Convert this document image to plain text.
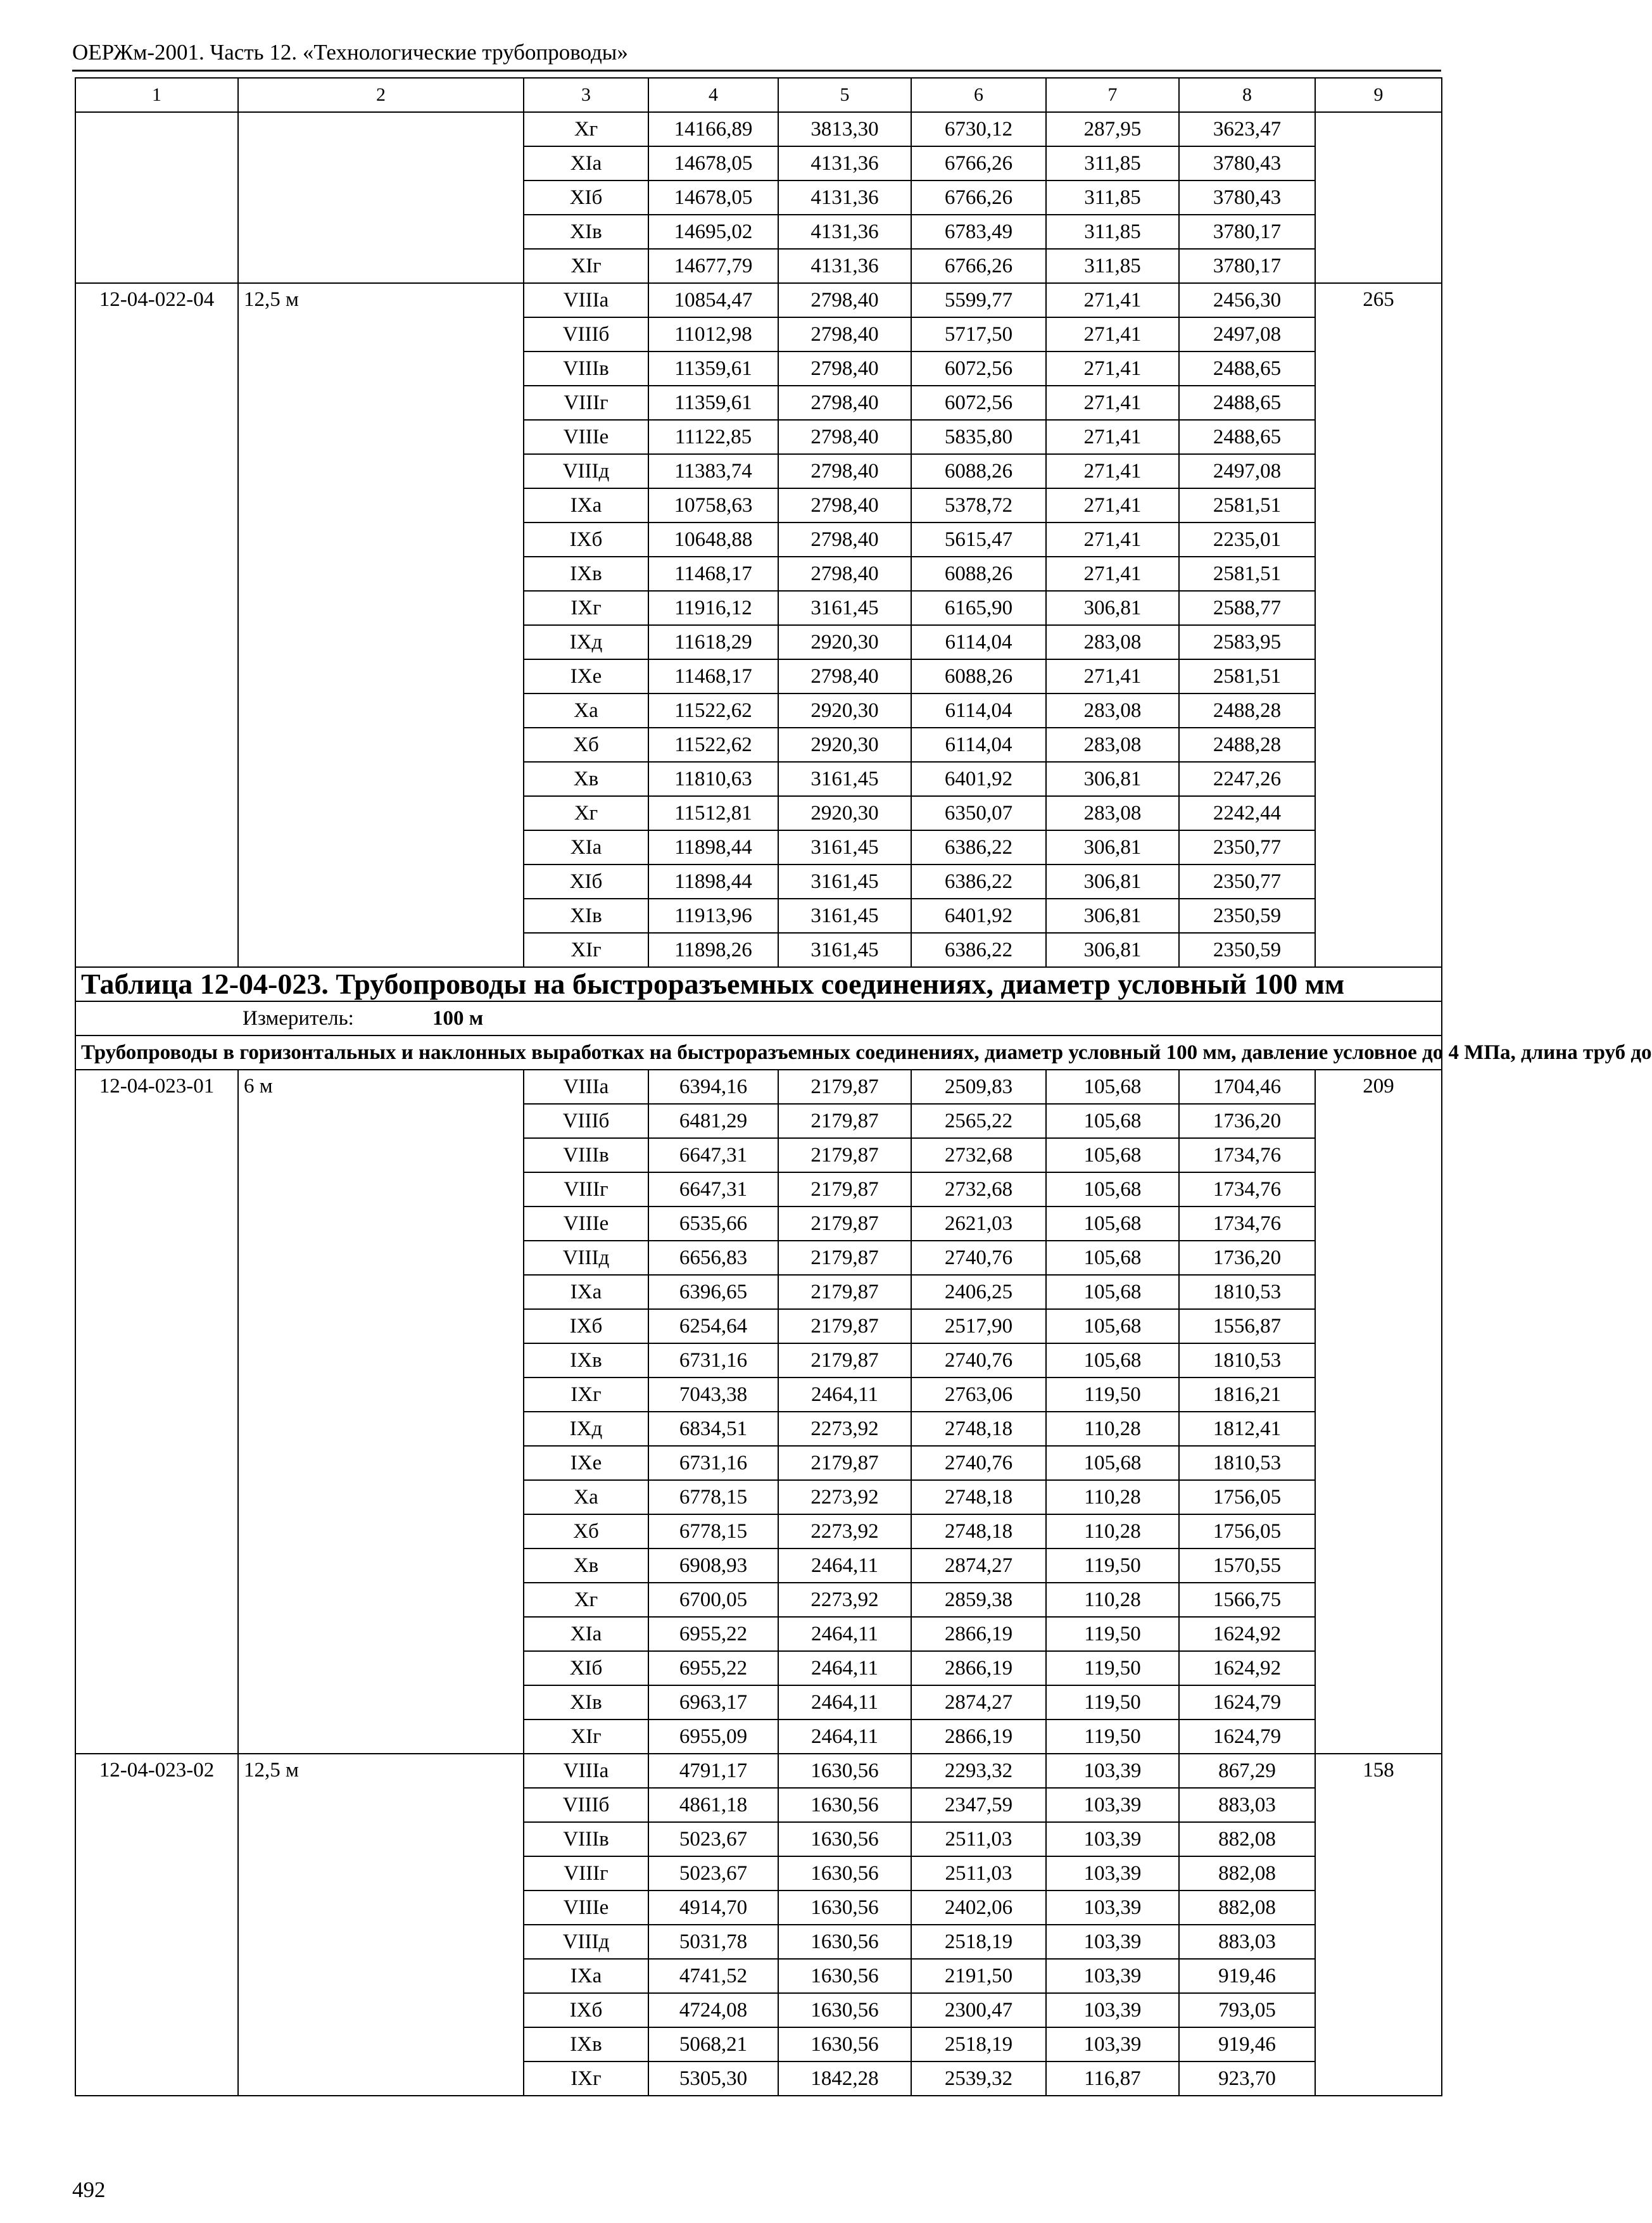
ОЕРЖм-2001. Часть 12. «Технологические трубопроводы»
1	2	3	4	5	6	7	8	9
		Xг	14166,89	3813,30	6730,12	287,95	3623,47	
		XIа	14678,05	4131,36	6766,26	311,85	3780,43	
		XIб	14678,05	4131,36	6766,26	311,85	3780,43	
		XIв	14695,02	4131,36	6783,49	311,85	3780,17	
		XIг	14677,79	4131,36	6766,26	311,85	3780,17	
12-04-022-04	12,5 м	VIIIа	10854,47	2798,40	5599,77	271,41	2456,30	265
		VIIIб	11012,98	2798,40	5717,50	271,41	2497,08	
		VIIIв	11359,61	2798,40	6072,56	271,41	2488,65	
		VIIIг	11359,61	2798,40	6072,56	271,41	2488,65	
		VIIIе	11122,85	2798,40	5835,80	271,41	2488,65	
		VIIIд	11383,74	2798,40	6088,26	271,41	2497,08	
		IXа	10758,63	2798,40	5378,72	271,41	2581,51	
		IXб	10648,88	2798,40	5615,47	271,41	2235,01	
		IXв	11468,17	2798,40	6088,26	271,41	2581,51	
		IXг	11916,12	3161,45	6165,90	306,81	2588,77	
		IXд	11618,29	2920,30	6114,04	283,08	2583,95	
		IXе	11468,17	2798,40	6088,26	271,41	2581,51	
		Xа	11522,62	2920,30	6114,04	283,08	2488,28	
		Xб	11522,62	2920,30	6114,04	283,08	2488,28	
		Xв	11810,63	3161,45	6401,92	306,81	2247,26	
		Xг	11512,81	2920,30	6350,07	283,08	2242,44	
		XIа	11898,44	3161,45	6386,22	306,81	2350,77	
		XIб	11898,44	3161,45	6386,22	306,81	2350,77	
		XIв	11913,96	3161,45	6401,92	306,81	2350,59	
		XIг	11898,26	3161,45	6386,22	306,81	2350,59	
Таблица 12-04-023. Трубопроводы на быстроразъемных соединениях, диаметр условный 100 мм								
Измеритель: 100 м								
Трубопроводы в горизонтальных и наклонных выработках на быстроразъемных соединениях, диаметр условный 100 мм, давление условное до 4 МПа, длина труб до								
12-04-023-01	6 м	VIIIа	6394,16	2179,87	2509,83	105,68	1704,46	209
		VIIIб	6481,29	2179,87	2565,22	105,68	1736,20	
		VIIIв	6647,31	2179,87	2732,68	105,68	1734,76	
		VIIIг	6647,31	2179,87	2732,68	105,68	1734,76	
		VIIIе	6535,66	2179,87	2621,03	105,68	1734,76	
		VIIIд	6656,83	2179,87	2740,76	105,68	1736,20	
		IXа	6396,65	2179,87	2406,25	105,68	1810,53	
		IXб	6254,64	2179,87	2517,90	105,68	1556,87	
		IXв	6731,16	2179,87	2740,76	105,68	1810,53	
		IXг	7043,38	2464,11	2763,06	119,50	1816,21	
		IXд	6834,51	2273,92	2748,18	110,28	1812,41	
		IXе	6731,16	2179,87	2740,76	105,68	1810,53	
		Xа	6778,15	2273,92	2748,18	110,28	1756,05	
		Xб	6778,15	2273,92	2748,18	110,28	1756,05	
		Xв	6908,93	2464,11	2874,27	119,50	1570,55	
		Xг	6700,05	2273,92	2859,38	110,28	1566,75	
		XIа	6955,22	2464,11	2866,19	119,50	1624,92	
		XIб	6955,22	2464,11	2866,19	119,50	1624,92	
		XIв	6963,17	2464,11	2874,27	119,50	1624,79	
		XIг	6955,09	2464,11	2866,19	119,50	1624,79	
12-04-023-02	12,5 м	VIIIа	4791,17	1630,56	2293,32	103,39	867,29	158
		VIIIб	4861,18	1630,56	2347,59	103,39	883,03	
		VIIIв	5023,67	1630,56	2511,03	103,39	882,08	
		VIIIг	5023,67	1630,56	2511,03	103,39	882,08	
		VIIIе	4914,70	1630,56	2402,06	103,39	882,08	
		VIIIд	5031,78	1630,56	2518,19	103,39	883,03	
		IXа	4741,52	1630,56	2191,50	103,39	919,46	
		IXб	4724,08	1630,56	2300,47	103,39	793,05	
		IXв	5068,21	1630,56	2518,19	103,39	919,46	
		IXг	5305,30	1842,28	2539,32	116,87	923,70	
492
